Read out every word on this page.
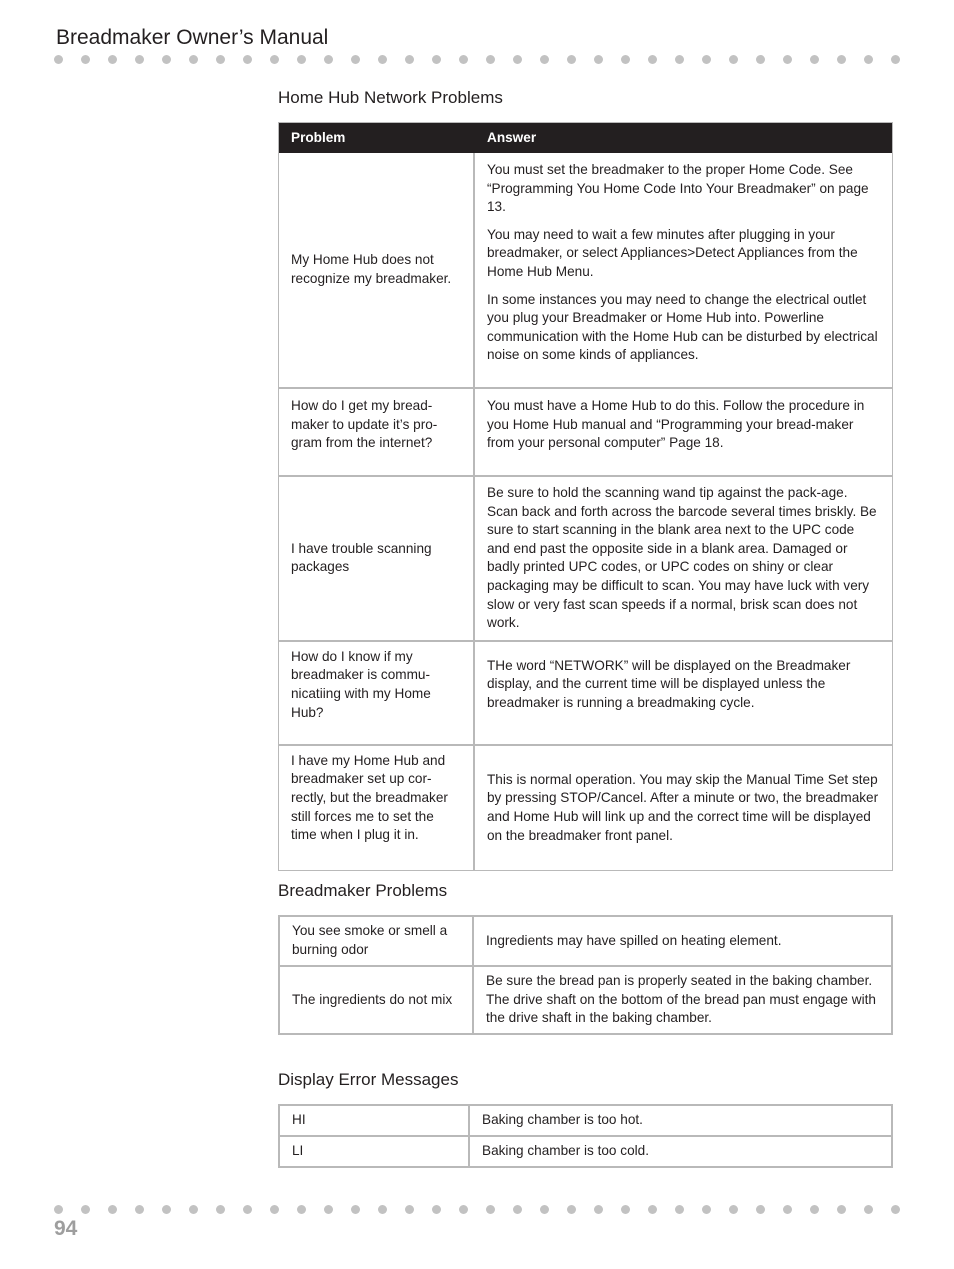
Breadmaker Owner’s Manual
Home Hub Network Problems
Problem	Answer
My Home Hub does not recognize my breadmaker.	You must set the breadmaker to the proper Home Code. See “Programming You Home Code Into Your Breadmaker” on page 13.

You may need to wait a few minutes after plugging in your breadmaker, or select Appliances>Detect Appliances from the Home Hub Menu.

In some instances you may need to change the electrical outlet you plug your Breadmaker or Home Hub into. Powerline communication with the Home Hub can be disturbed by electrical noise on some kinds of appliances.

How do I get my bread-maker to update it’s pro-gram from the internet?	You must have a Home Hub to do this. Follow the procedure in you Home Hub manual and “Programming your bread-maker from your personal computer” Page 18.
I have trouble scanning packages	Be sure to hold the scanning wand tip against the pack-age. Scan back and forth across the barcode several times briskly. Be sure to start scanning in the blank area next to the UPC code and end past the opposite side in a blank area. Damaged or badly printed UPC codes, or UPC codes on shiny or clear packaging may be difficult to scan. You may have luck with very slow or very fast scan speeds if a normal, brisk scan does not work.
How do I know if my breadmaker is commu-nicatiing with my Home Hub?	THe word “NETWORK” will be displayed on the Breadmaker display, and the current time will be displayed unless the breadmaker is running a breadmaking cycle.
I have my Home Hub and breadmaker set up cor-rectly, but the breadmaker still forces me to set the time when I plug it in.	This is normal operation. You may skip the Manual Time Set step by pressing STOP/Cancel. After a minute or two, the breadmaker and Home Hub will link up and the correct time will be displayed on the breadmaker front panel.
Breadmaker Problems
You see smoke or smell a burning odor	Ingredients may have spilled on heating element.
The ingredients do not mix	Be sure the bread pan is properly seated in the baking chamber. The drive shaft on the bottom of the bread pan must engage with the drive shaft in the baking chamber.
Display Error Messages
HI	Baking chamber is too hot.
LI	Baking chamber is too cold.
94
